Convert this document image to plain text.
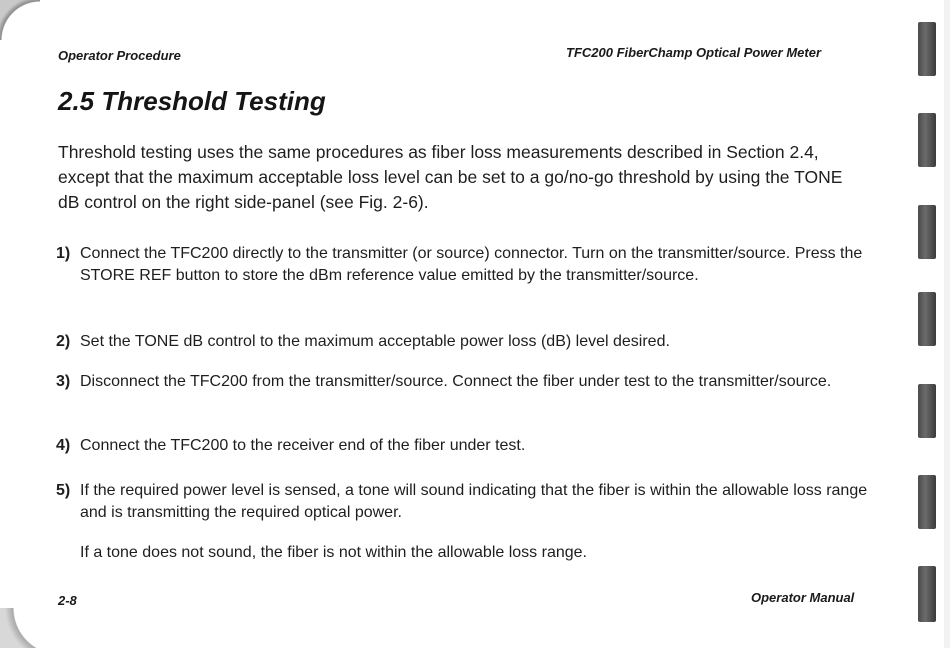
Operator Procedure	TFC200 FiberChamp Optical Power Meter
2.5 Threshold Testing

Threshold testing uses the same procedures as fiber loss measurements described in Section 2.4, except that the maximum acceptable loss level can be set to a go/no-go threshold by using the TONE dB control on the right side-panel (see Fig. 2-6).

1) Connect the TFC200 directly to the transmitter (or source) connector. Turn on the transmitter/source. Press the STORE REF button to store the dBm reference value emitted by the transmitter/source.
2) Set the TONE dB control to the maximum acceptable power loss (dB) level desired.
3) Disconnect the TFC200 from the transmitter/source. Connect the fiber under test to the transmitter/source.
4) Connect the TFC200 to the receiver end of the fiber under test.
5) If the required power level is sensed, a tone will sound indicating that the fiber is within the allowable loss range and is transmitting the required optical power.

If a tone does not sound, the fiber is not within the allowable loss range.

2-8	Operator Manual
